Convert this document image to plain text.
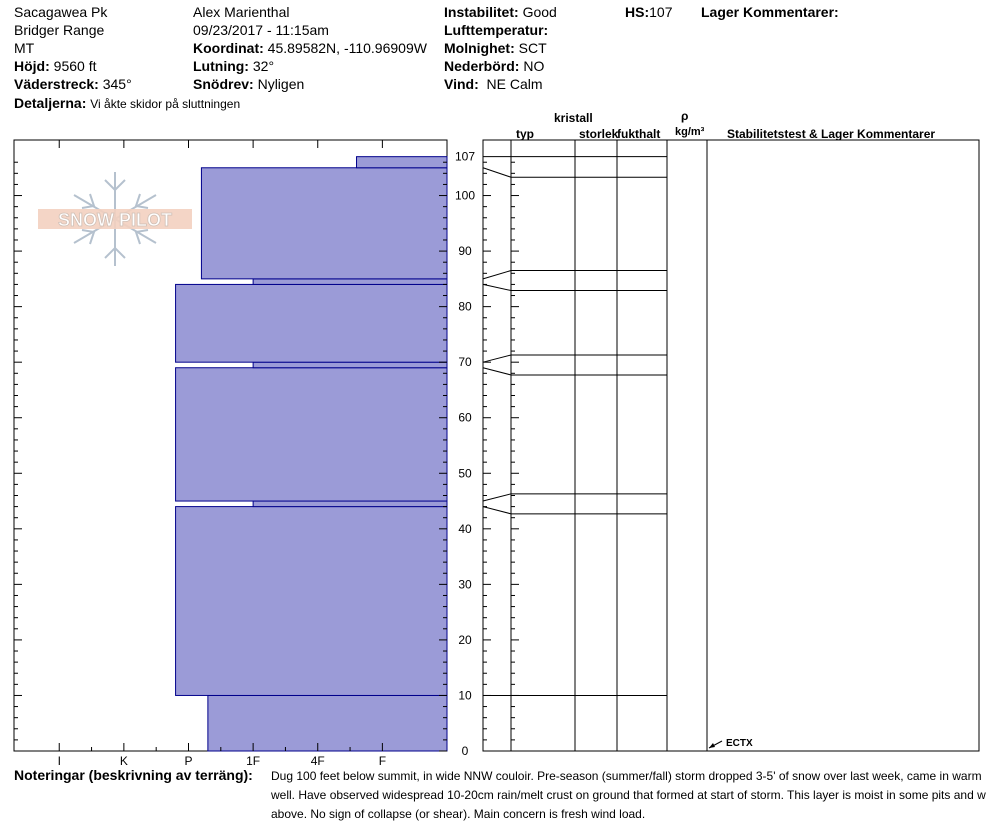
Sacagawea Pk
Bridger Range
MT
Höjd: 9560 ft
Väderstreck: 345°
Detaljerna: Vi åkte skidor på sluttningen
Alex Marienthal
09/23/2017 - 11:15am
Koordinat: 45.89582N, -110.96909W
Lutning: 32°
Snödrev: Nyligen
Instabilitet: Good
Lufttemperatur:
Molnighet: SCT
Nederbörd: NO
Vind: NE Calm
HS:107 Lager Kommentarer:
kristall
typ	storlek
fukthalt
ρ
kg/m³ Stabilitetstest & Lager Kommentarer
I	K	P	1F	4F	F
0
10
20
30
40
50
60
70
80
90
100
107
SNOW PILOT
ECTX
Noteringar (beskrivning av terräng): Dug 100 feet below summit, in wide NNW couloir. Pre-season (summer/fall) storm dropped 3-5' of snow over last week, came in warm
well. Have observed widespread 10-20cm rain/melt crust on ground that formed at start of storm. This layer is moist in some pits and w
above. No sign of collapse (or shear). Main concern is fresh wind load.
